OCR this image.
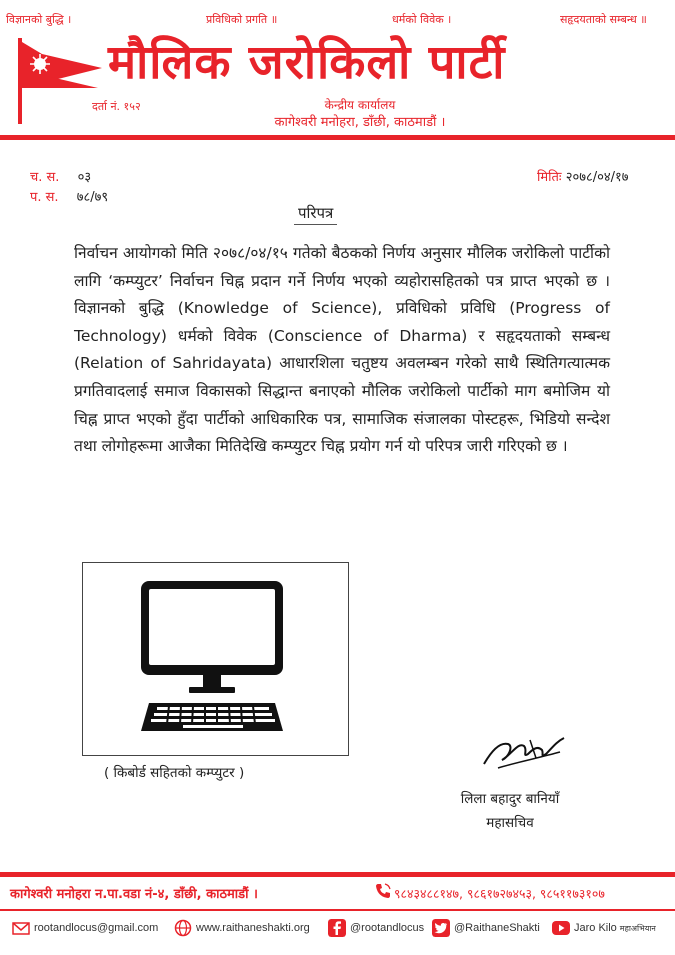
विज्ञानको बुद्धि ।	प्रविधिको प्रगति ॥	धर्मको विवेक ।	सहृदयताको सम्बन्ध ॥
मौलिक जरोकिलो पार्टी
दर्ता नं. १५२	केन्द्रीय कार्यालय
कागेश्वरी मनोहरा, डाँछी, काठमाडौं ।
च. स. ०३
प. स. ७८/७९
मितिः २०७८/०४/१७
परिपत्र

निर्वाचन आयोगको मिति २०७८/०४/१५ गतेको बैठकको निर्णय अनुसार मौलिक जरोकिलो पार्टीको लागि ‘कम्प्युटर’ निर्वाचन चिह्न प्रदान गर्ने निर्णय भएको व्यहोरासहितको पत्र प्राप्त भएको छ । विज्ञानको बुद्धि (Knowledge of Science), प्रविधिको प्रविधि (Progress of Technology) धर्मको विवेक (Conscience of Dharma) र सहृदयताको सम्बन्ध (Relation of Sahridayata) आधारशिला चतुष्टय अवलम्बन गरेको साथै स्थितिगत्यात्मक प्रगतिवादलाई समाज विकासको सिद्धान्त बनाएको मौलिक जरोकिलो पार्टीको माग बमोजिम यो चिह्न प्राप्त भएको हुँदा पार्टीको आधिकारिक पत्र, सामाजिक संजालका पोस्टहरू, भिडियो सन्देश तथा लोगोहरूमा आजैका मितिदेखि कम्प्युटर चिह्न प्रयोग गर्न यो परिपत्र जारी गरिएको छ ।

( किबोर्ड सहितको कम्प्युटर )
लिला बहादुर बानियाँ
महासचिव
कागेश्वरी मनोहरा न.पा.वडा नं-४, डाँछी, काठमाडौं ।	९८४३४८८१४७, ९८६१७२७४५३, ९८५११७३१०७
rootandlocus@gmail.com	www.raithaneshakti.org	@rootandlocus	@RaithaneShakti	Jaro Kilo महाअभियान
